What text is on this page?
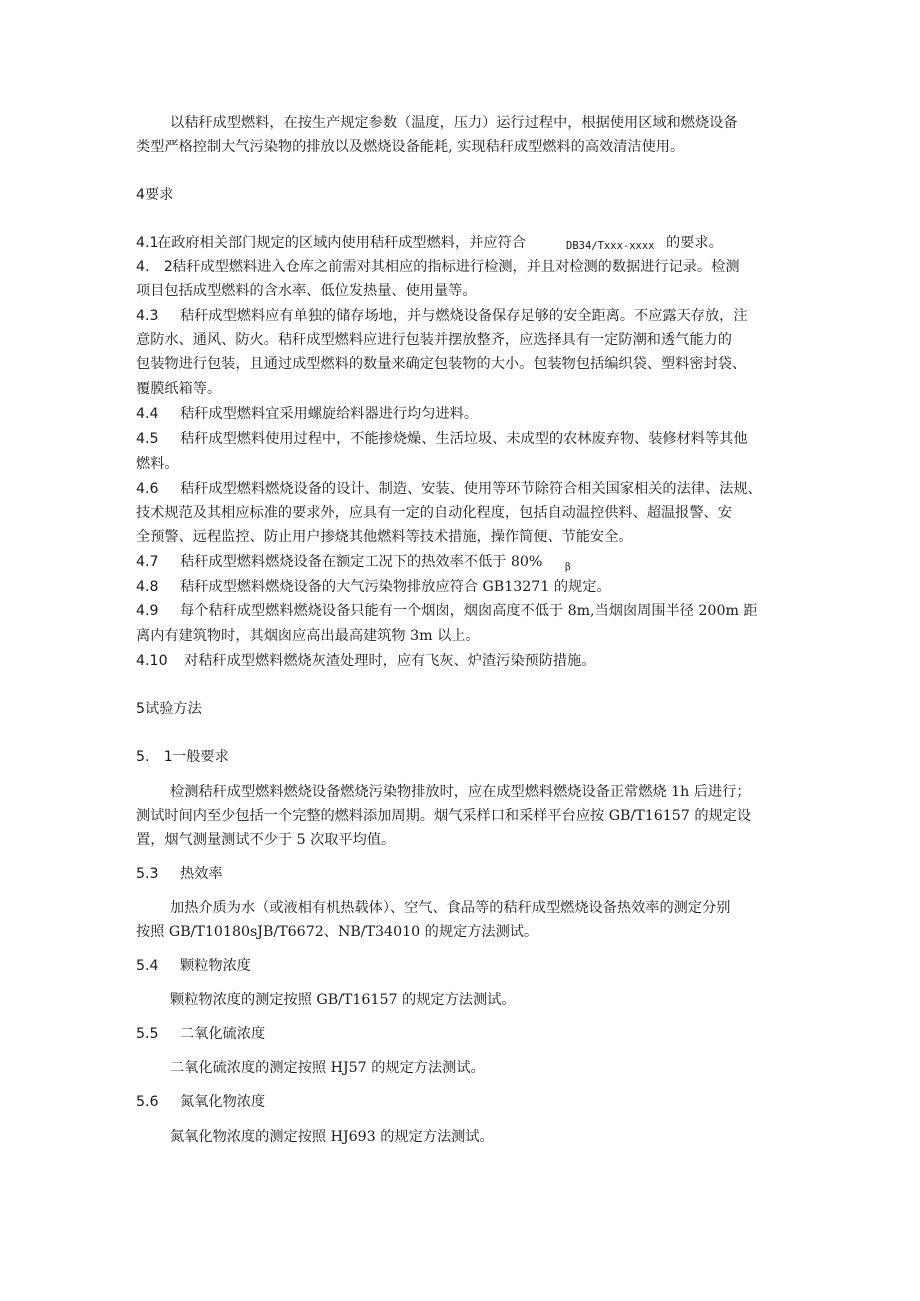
以秸秆成型燃料，在按生产规定参数（温度，压力）运行过程中，根据使用区域和燃烧设备
类型严格控制大气污染物的排放以及燃烧设备能耗, 实现秸秆成型燃料的高效清洁使用。
4要求
4.1
在政府相关部门规定的区域内使用秸秆成型燃料，并应符合	DB34∕Txxx-xxxx 的要求。
4.　2 秸秆成型燃料进入仓库之前需对其相应的指标进行检测，并且对检测的数据进行记录。检测
项目包括成型燃料的含水率、低位发热量、使用量等。
4.3 秸秆成型燃料应有单独的储存场地，并与燃烧设备保存足够的安全距离。不应露天存放，注
意防水、通风、防火。秸秆成型燃料应进行包装并摆放整齐，应选择具有一定防潮和透气能力的
包装物进行包装，且通过成型燃料的数量来确定包装物的大小。包装物包括编织袋、塑料密封袋、
覆膜纸箱等。
4.4 秸秆成型燃料宜采用螺旋给料器进行均匀进料。
4.5 秸秆成型燃料使用过程中，不能掺烧燥、生活垃圾、未成型的农林废弃物、装修材料等其他
燃料。
4.6 秸秆成型燃料燃烧设备的设计、制造、安装、使用等环节除符合相关国家相关的法律、法规、
技术规范及其相应标准的要求外，应具有一定的自动化程度，包括自动温控供料、超温报警、安
全预警、远程监控、防止用户掺烧其他燃料等技术措施，操作简便、节能安全。
4.7 秸秆成型燃料燃烧设备在额定工况下的热效率不低于 80% β
4.8 秸秆成型燃料燃烧设备的大气污染物排放应符合 GB13271 的规定。
4.9 每个秸秆成型燃料燃烧设备只能有一个烟囱，烟囱高度不低于 8m,当烟囱周围半径 200m 距
离内有建筑物时，其烟囱应高出最高建筑物 3m 以上。
4.10 对秸秆成型燃料燃烧灰渣处理时，应有飞灰、炉渣污染预防措施。
5试验方法
5.　1 一般要求
检测秸秆成型燃料燃烧设备燃烧污染物排放时，应在成型燃料燃烧设备正常燃烧 1h 后进行；
测试时间内至少包括一个完整的燃料添加周期。烟气采样口和采样平台应按 GB/T16157 的规定设
置，烟气测量测试不少于 5 次取平均值。
5.3 热效率
加热介质为水（或液相有机热载体）、空气、食品等的秸秆成型燃烧设备热效率的测定分别
按照 GB/T10180sJB/T6672、NB/T34010 的规定方法测试。
5.4 颗粒物浓度
颗粒物浓度的测定按照 GB/T16157 的规定方法测试。
5.5 二氧化硫浓度
二氧化硫浓度的测定按照 HJ57 的规定方法测试。
5.6 氮氧化物浓度
氮氧化物浓度的测定按照 HJ693 的规定方法测试。
